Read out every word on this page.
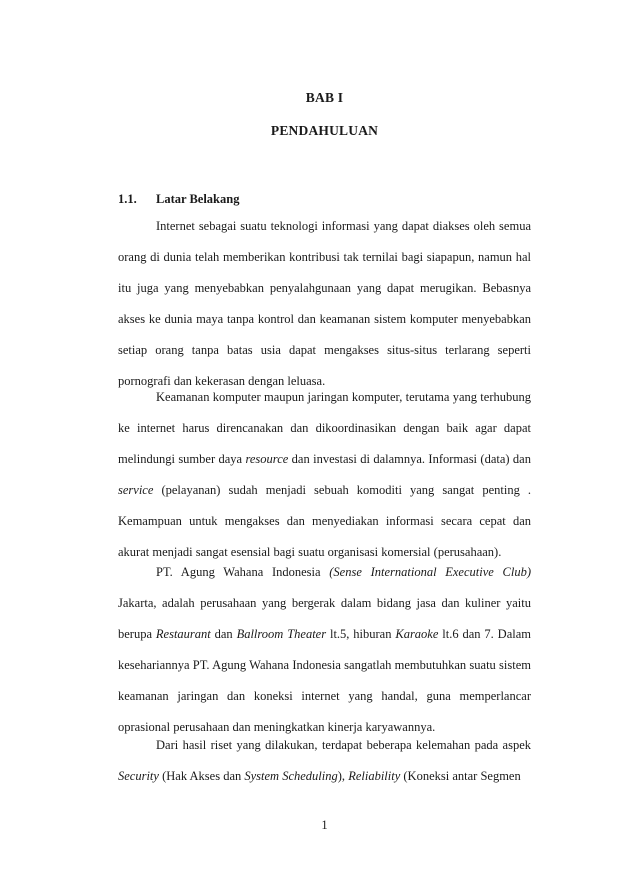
BAB I
PENDAHULUAN
1.1. Latar Belakang

Internet sebagai suatu teknologi informasi yang dapat diakses oleh semua orang di dunia telah memberikan kontribusi tak ternilai bagi siapapun, namun hal itu juga yang menyebabkan penyalahgunaan yang dapat merugikan. Bebasnya akses ke dunia maya tanpa kontrol dan keamanan sistem komputer menyebabkan setiap orang tanpa batas usia dapat mengakses situs-situs terlarang seperti pornografi dan kekerasan dengan leluasa.

Keamanan komputer maupun jaringan komputer, terutama yang terhubung ke internet harus direncanakan dan dikoordinasikan dengan baik agar dapat melindungi sumber daya resource dan investasi di dalamnya. Informasi (data) dan service (pelayanan) sudah menjadi sebuah komoditi yang sangat penting . Kemampuan untuk mengakses dan menyediakan informasi secara cepat dan akurat menjadi sangat esensial bagi suatu organisasi komersial (perusahaan).

PT. Agung Wahana Indonesia (Sense International Executive Club) Jakarta, adalah perusahaan yang bergerak dalam bidang jasa dan kuliner yaitu berupa Restaurant dan Ballroom Theater lt.5, hiburan Karaoke lt.6 dan 7. Dalam kesehariannya PT. Agung Wahana Indonesia sangatlah membutuhkan suatu sistem keamanan jaringan dan koneksi internet yang handal, guna memperlancar oprasional perusahaan dan meningkatkan kinerja karyawannya.

Dari hasil riset yang dilakukan, terdapat beberapa kelemahan pada aspek Security (Hak Akses dan System Scheduling), Reliability (Koneksi antar Segmen

1
